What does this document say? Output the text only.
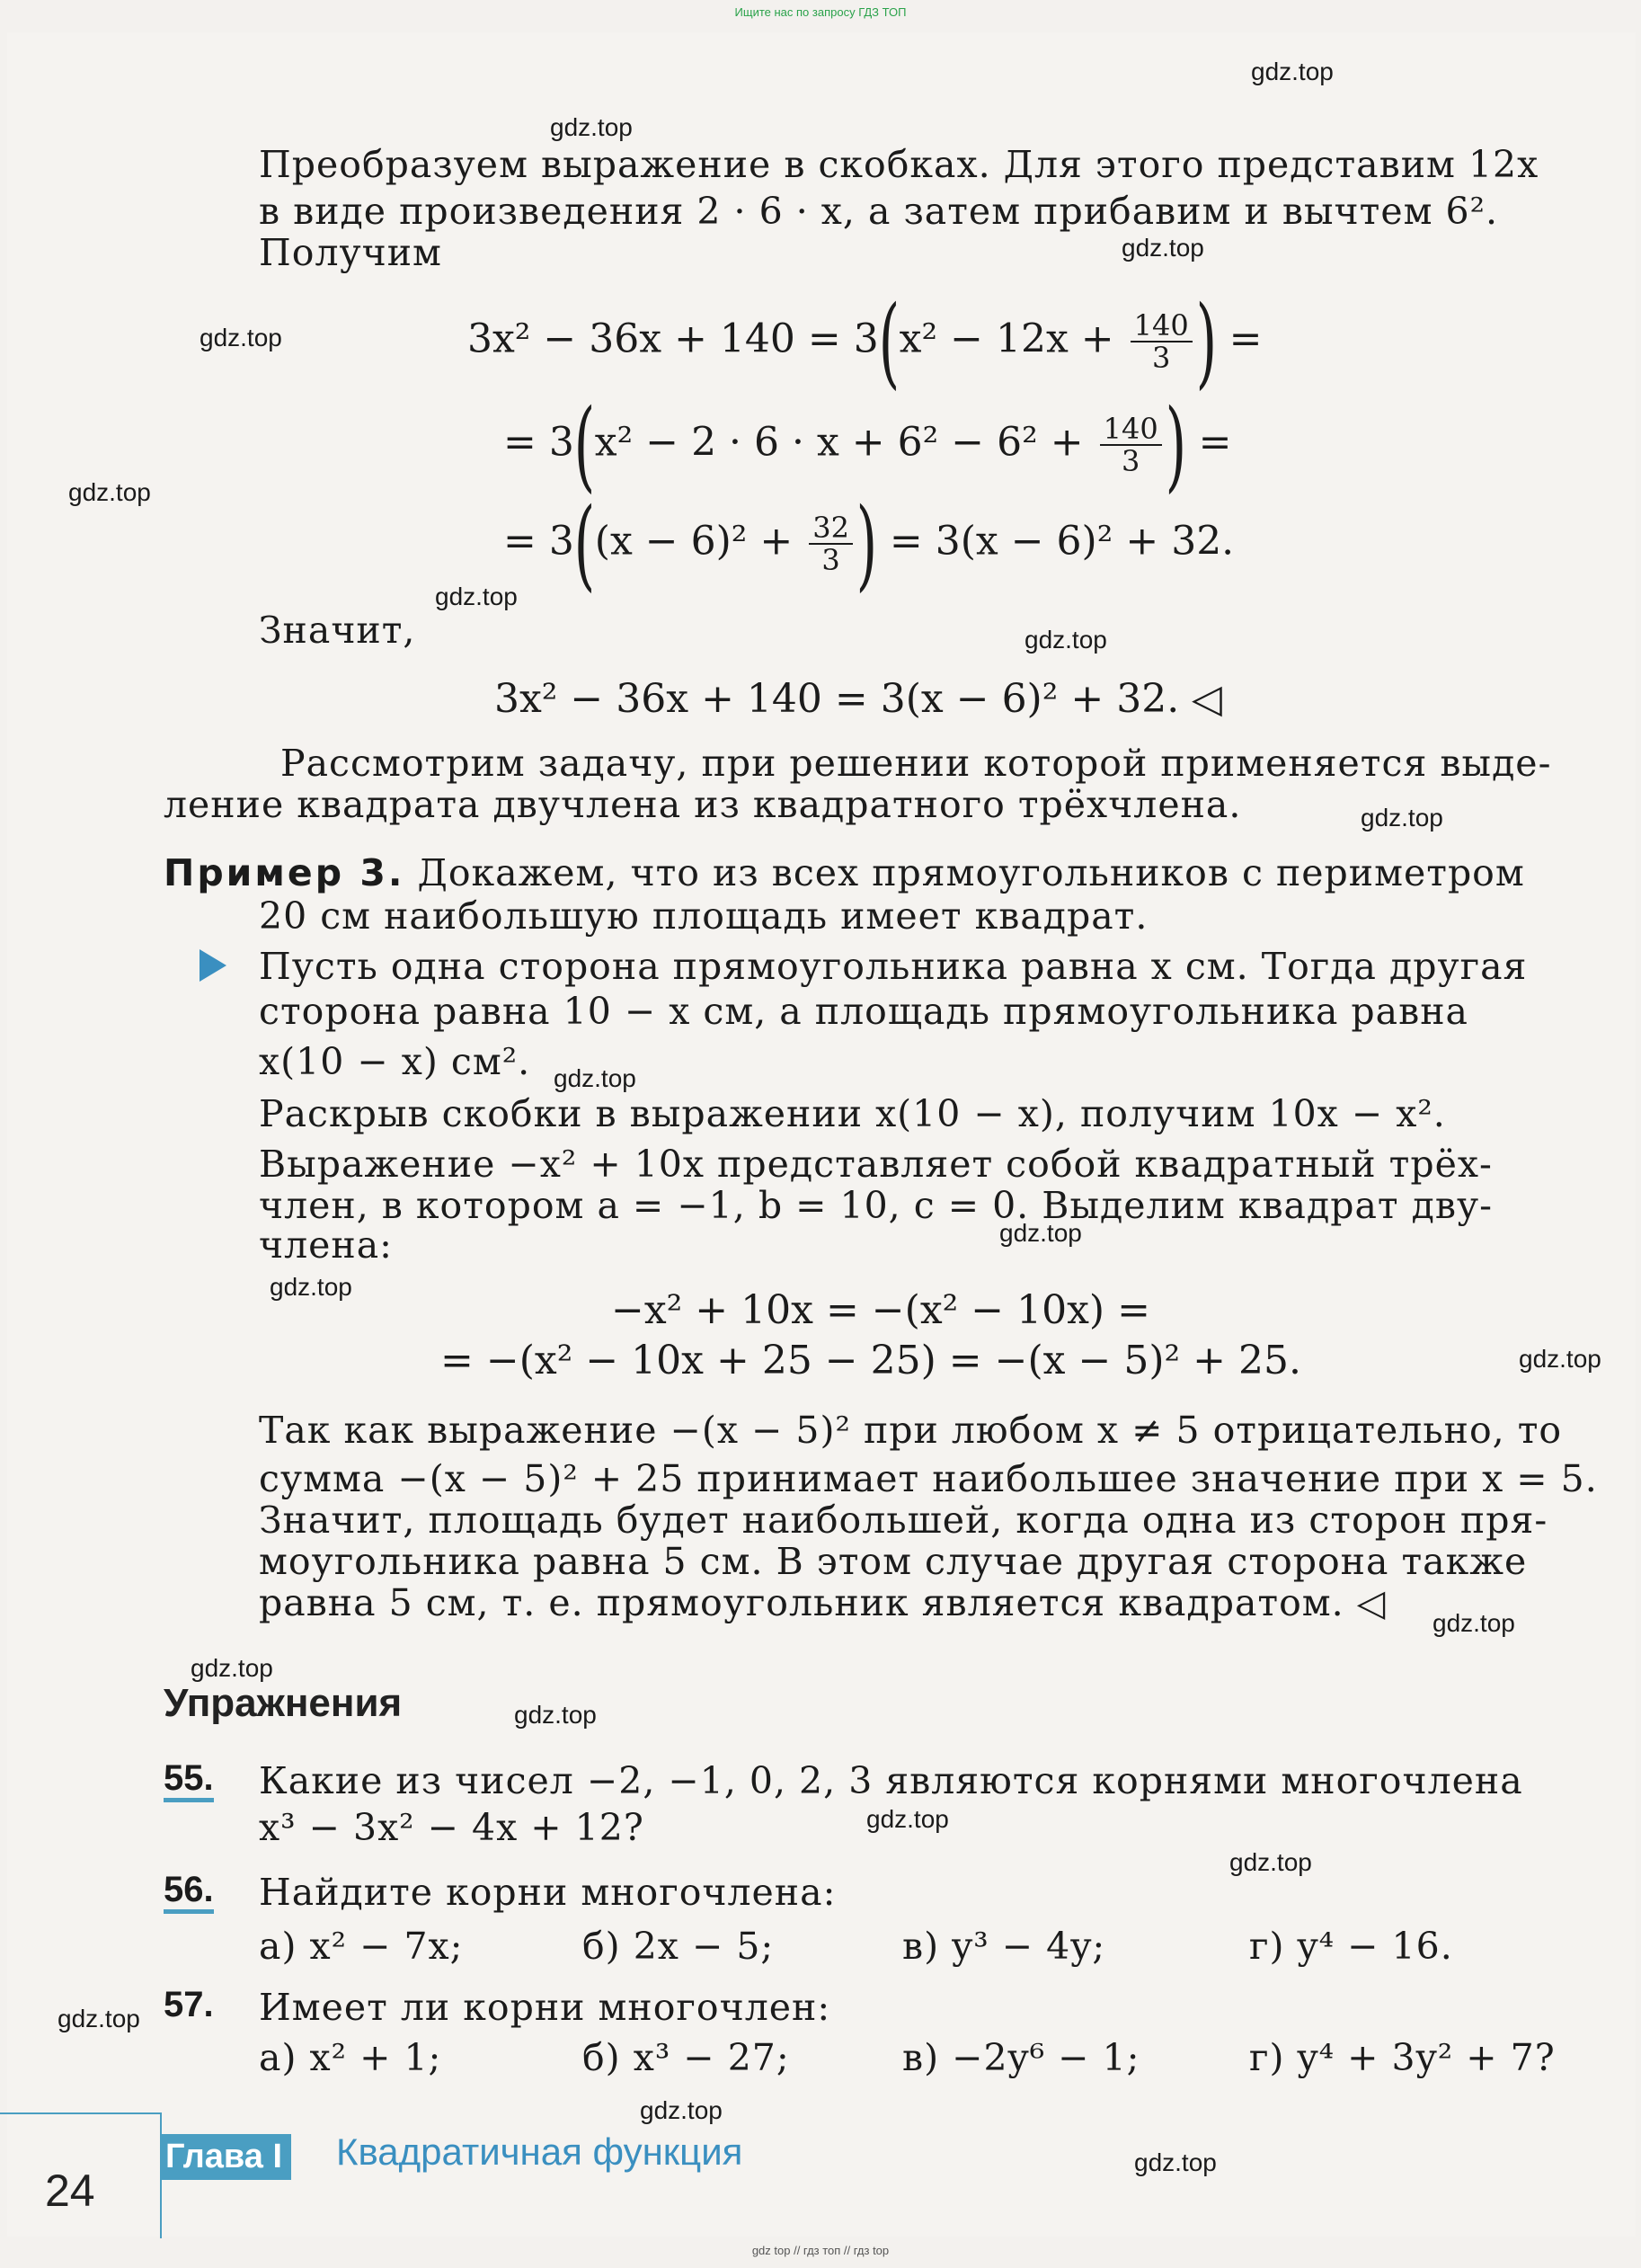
Ищите нас по запросу ГДЗ ТОП
Преобразуем выражение в скобках. Для этого представим 12x
в виде произведения 2 · 6 · x, а затем прибавим и вычтем 6².
Получим
$3x^2 - 36x + 140 = 3(x^2 - 12x + \frac{140}{3}$ ) =
= $3(x^2 - 2 \cdot 6 \cdot x + 6^2 - 6^2 + \frac{140}{3}$ ) =
= $3((x - 6)^2 + \frac{32}{3}$ ) = 3(x − 6)² + 32.
Значит,
3x² − 36x + 140 = 3(x − 6)² + 32. ◁
Рассмотрим задачу, при решении которой применяется выде-
ление квадрата двучлена из квадратного трёхчлена.
Пример 3. Докажем, что из всех прямоугольников с периметром
20 см наибольшую площадь имеет квадрат.
Пусть одна сторона прямоугольника равна x см. Тогда другая
сторона равна 10 − x см, а площадь прямоугольника равна
x(10 − x) см².
Раскрыв скобки в выражении x(10 − x), получим 10x − x².
Выражение −x² + 10x представляет собой квадратный трёх-
член, в котором a = −1, b = 10, c = 0. Выделим квадрат дву-
члена:
−x² + 10x = −(x² − 10x) =
= −(x² − 10x + 25 − 25) = −(x − 5)² + 25.
Так как выражение −(x − 5)² при любом x ≠ 5 отрицательно, то
сумма −(x − 5)² + 25 принимает наибольшее значение при x = 5.
Значит, площадь будет наибольшей, когда одна из сторон пря-
моугольника равна 5 см. В этом случае другая сторона также
равна 5 см, т. е. прямоугольник является квадратом. ◁
Упражнения
55. Какие из чисел −2, −1, 0, 2, 3 являются корнями многочлена
x³ − 3x² − 4x + 12?
56. Найдите корни многочлена:
а) x² − 7x;	б) 2x − 5;	в) y³ − 4y;	г) y⁴ − 16.
57. Имеет ли корни многочлен:
а) x² + 1;	б) x³ − 27;	в) −2y⁶ − 1;	г) y⁴ + 3y² + 7?
24
Глава I Квадратичная функция
gdz.top
gdz.top
gdz.top
gdz.top
gdz.top
gdz.top
gdz.top
gdz.top
gdz.top
gdz.top
gdz.top
gdz.top
gdz.top
gdz.top
gdz.top
gdz.top
gdz.top
gdz.top
gdz.top
gdz.top
gdz top // гдз топ // гдз top
